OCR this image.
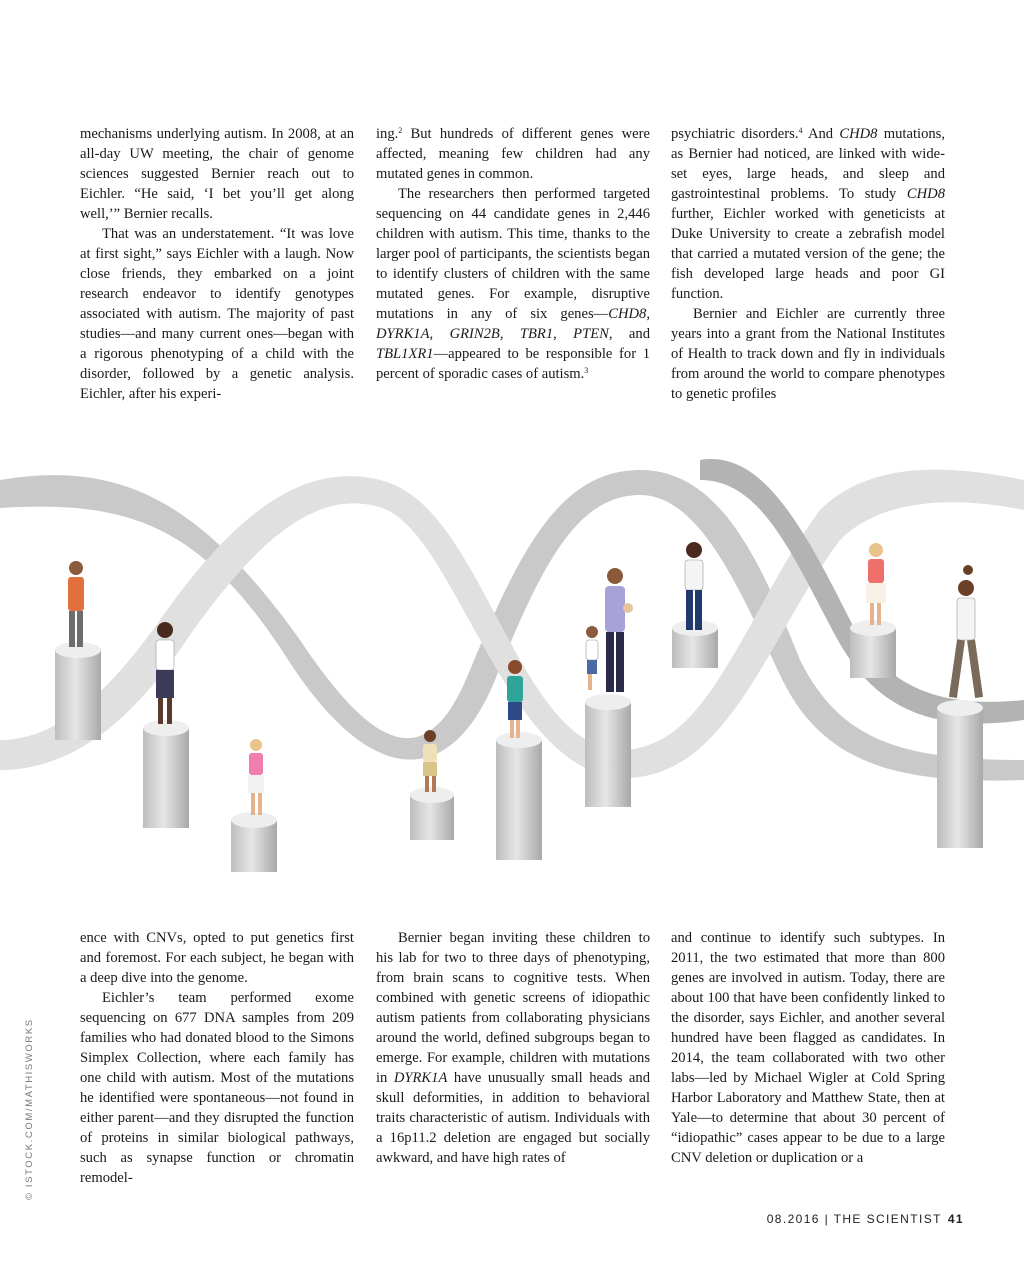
mechanisms underlying autism. In 2008, at an all-day UW meeting, the chair of genome sciences suggested Bernier reach out to Eichler. “He said, ‘I bet you’ll get along well,’” Bernier recalls.

That was an understatement. “It was love at first sight,” says Eichler with a laugh. Now close friends, they embarked on a joint research endeavor to identify genotypes associated with autism. The majority of past studies—and many current ones—began with a rigorous phenotyping of a child with the disorder, followed by a genetic analysis. Eichler, after his experi-

ing.$^2$ But hundreds of different genes were affected, meaning few children had any mutated genes in common.

The researchers then performed targeted sequencing on 44 candidate genes in 2,446 children with autism. This time, thanks to the larger pool of participants, the scientists began to identify clusters of children with the same mutated genes. For example, disruptive mutations in any of six genes—CHD8, DYRK1A, GRIN2B, TBR1, PTEN, and TBL1XR1—appeared to be responsible for 1 percent of sporadic cases of autism.$^3$

psychiatric disorders.$^4$ And CHD8 mutations, as Bernier had noticed, are linked with wide-set eyes, large heads, and sleep and gastrointestinal problems. To study CHD8 further, Eichler worked with geneticists at Duke University to create a zebrafish model that carried a mutated version of the gene; the fish developed large heads and poor GI function.

Bernier and Eichler are currently three years into a grant from the National Institutes of Health to track down and fly in individuals from around the world to compare phenotypes to genetic profiles

ence with CNVs, opted to put genetics first and foremost. For each subject, he began with a deep dive into the genome.

Eichler’s team performed exome sequencing on 677 DNA samples from 209 families who had donated blood to the Simons Simplex Collection, where each family has one child with autism. Most of the mutations he identified were spontaneous—not found in either parent—and they disrupted the function of proteins in similar biological pathways, such as synapse function or chromatin remodel-

Bernier began inviting these children to his lab for two to three days of phenotyping, from brain scans to cognitive tests. When combined with genetic screens of idiopathic autism patients from collaborating physicians around the world, defined subgroups began to emerge. For example, children with mutations in DYRK1A have unusually small heads and skull deformities, in addition to behavioral traits characteristic of autism. Individuals with a 16p11.2 deletion are engaged but socially awkward, and have high rates of

and continue to identify such subtypes. In 2011, the two estimated that more than 800 genes are involved in autism. Today, there are about 100 that have been confidently linked to the disorder, says Eichler, and another several hundred have been flagged as candidates. In 2014, the team collaborated with two other labs—led by Michael Wigler at Cold Spring Harbor Laboratory and Matthew State, then at Yale—to determine that about 30 percent of “idiopathic” cases appear to be due to a large CNV deletion or duplication or a

© ISTOCK.COM/MATHISWORKS
08.2016 | THE SCIENTIST 41
